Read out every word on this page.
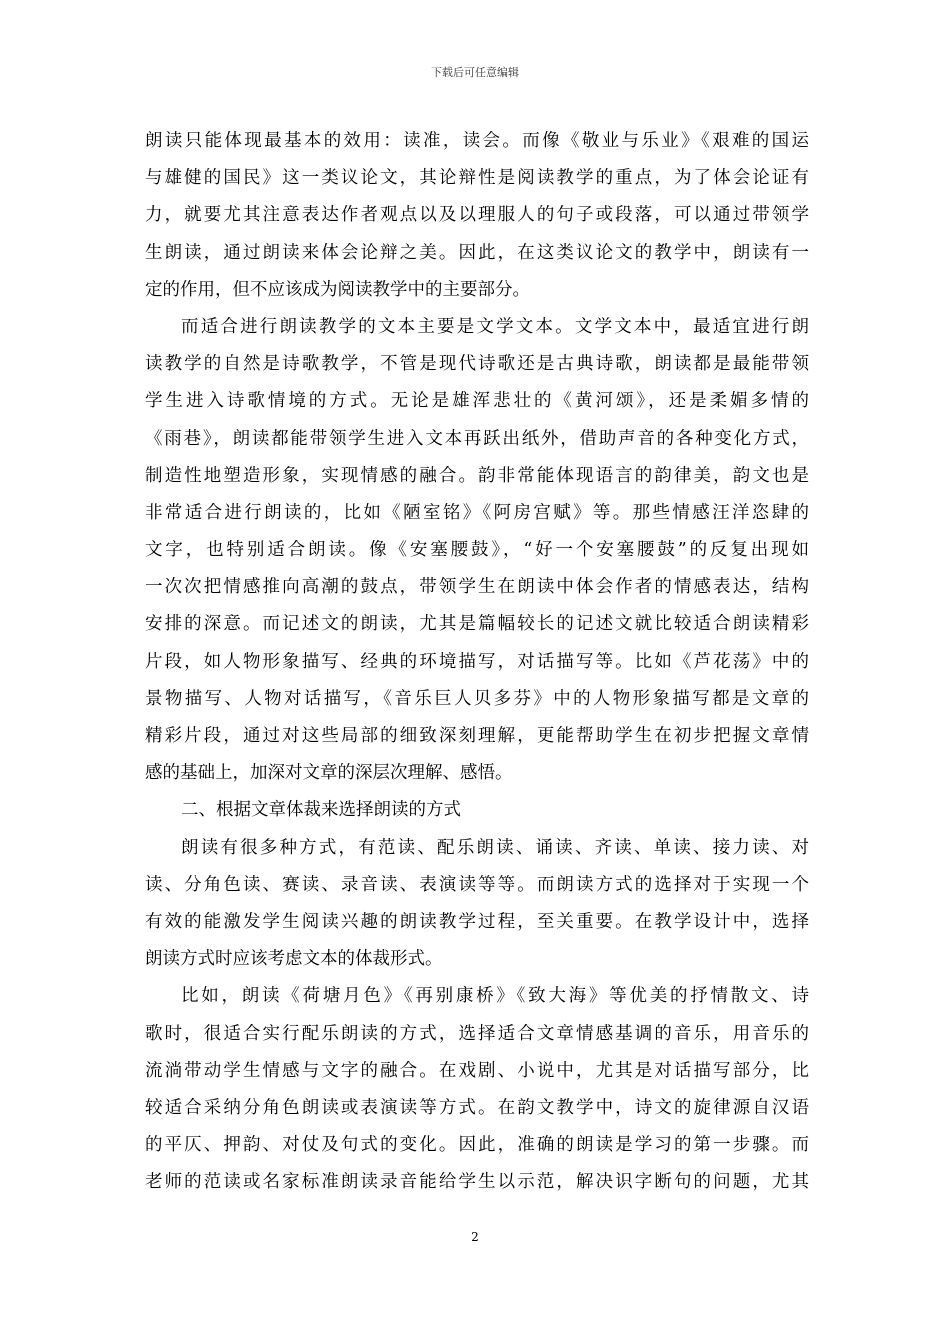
下载后可任意编辑
朗读只能体现最基本的效用：读准，读会。而像《敬业与乐业》《艰难的国运
与雄健的国民》这一类议论文，其论辩性是阅读教学的重点，为了体会论证有
力，就要尤其注意表达作者观点以及以理服人的句子或段落，可以通过带领学
生朗读，通过朗读来体会论辩之美。因此，在这类议论文的教学中，朗读有一
定的作用，但不应该成为阅读教学中的主要部分。
而适合进行朗读教学的文本主要是文学文本。文学文本中，最适宜进行朗
读教学的自然是诗歌教学，不管是现代诗歌还是古典诗歌，朗读都是最能带领
学生进入诗歌情境的方式。无论是雄浑悲壮的《黄河颂》，还是柔媚多情的
《雨巷》，朗读都能带领学生进入文本再跃出纸外，借助声音的各种变化方式，
制造性地塑造形象，实现情感的融合。韵非常能体现语言的韵律美，韵文也是
非常适合进行朗读的，比如《陋室铭》《阿房宫赋》等。那些情感汪洋恣肆的
文字，也特别适合朗读。像《安塞腰鼓》，“好一个安塞腰鼓”的反复出现如
一次次把情感推向高潮的鼓点，带领学生在朗读中体会作者的情感表达，结构
安排的深意。而记述文的朗读，尤其是篇幅较长的记述文就比较适合朗读精彩
片段，如人物形象描写、经典的环境描写，对话描写等。比如《芦花荡》中的
景物描写、人物对话描写，《音乐巨人贝多芬》中的人物形象描写都是文章的
精彩片段，通过对这些局部的细致深刻理解，更能帮助学生在初步把握文章情
感的基础上，加深对文章的深层次理解、感悟。
二、根据文章体裁来选择朗读的方式
朗读有很多种方式，有范读、配乐朗读、诵读、齐读、单读、接力读、对
读、分角色读、赛读、录音读、表演读等等。而朗读方式的选择对于实现一个
有效的能激发学生阅读兴趣的朗读教学过程，至关重要。在教学设计中，选择
朗读方式时应该考虑文本的体裁形式。
比如，朗读《荷塘月色》《再别康桥》《致大海》等优美的抒情散文、诗
歌时，很适合实行配乐朗读的方式，选择适合文章情感基调的音乐，用音乐的
流淌带动学生情感与文字的融合。在戏剧、小说中，尤其是对话描写部分，比
较适合采纳分角色朗读或表演读等方式。在韵文教学中，诗文的旋律源自汉语
的平仄、押韵、对仗及句式的变化。因此，准确的朗读是学习的第一步骤。而
老师的范读或名家标准朗读录音能给学生以示范，解决识字断句的问题，尤其
2
